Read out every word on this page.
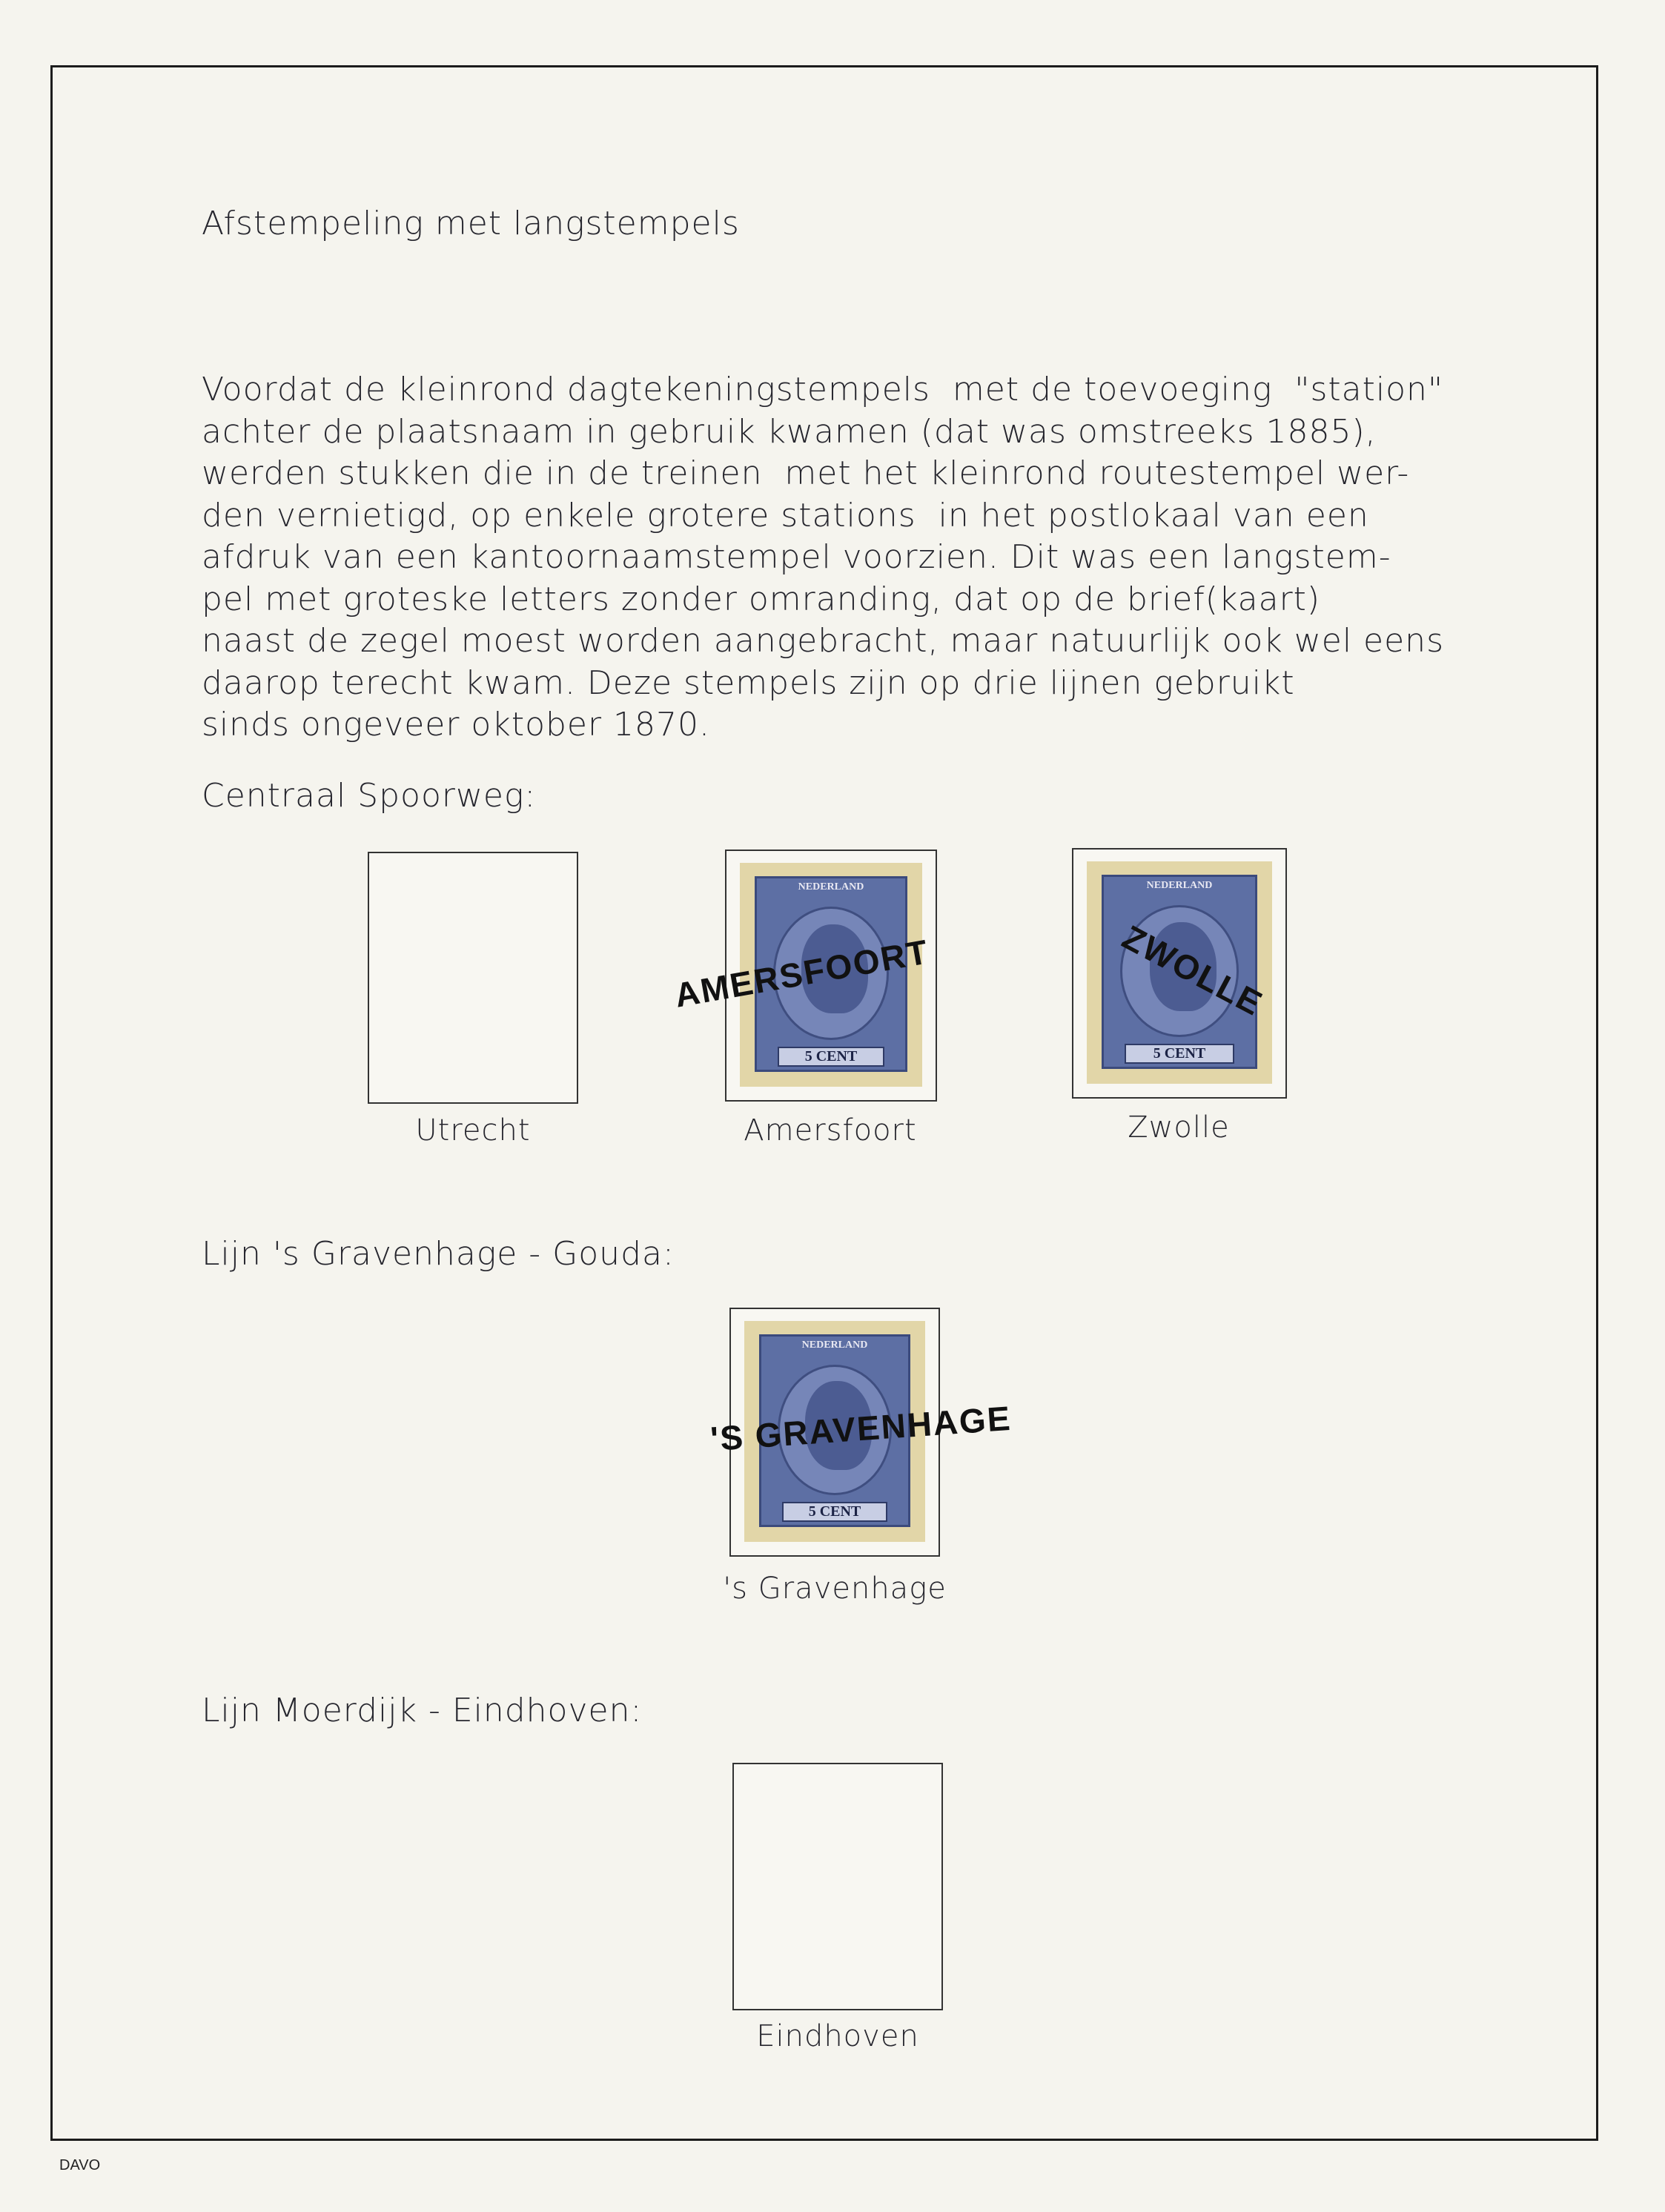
Afstempeling met langstempels
Voordat de kleinrond dagtekeningstempels  met de toevoeging  "station"
achter de plaatsnaam in gebruik kwamen (dat was omstreeks 1885),
werden stukken die in de treinen  met het kleinrond routestempel wer-
den vernietigd, op enkele grotere stations  in het postlokaal van een
afdruk van een kantoornaamstempel voorzien. Dit was een langstem-
pel met groteske letters zonder omranding, dat op de brief(kaart)
naast de zegel moest worden aangebracht, maar natuurlijk ook wel eens
daarop terecht kwam. Deze stempels zijn op drie lijnen gebruikt
sinds ongeveer oktober 1870.
Centraal Spoorweg:
Utrecht
NEDERLAND
5 CENT
AMERSFOORT
Amersfoort
NEDERLAND
5 CENT
ZWOLLE
Zwolle
Lijn 's Gravenhage - Gouda:
NEDERLAND
5 CENT
'S GRAVENHAGE
's Gravenhage
Lijn Moerdijk - Eindhoven:
Eindhoven
DAVO
